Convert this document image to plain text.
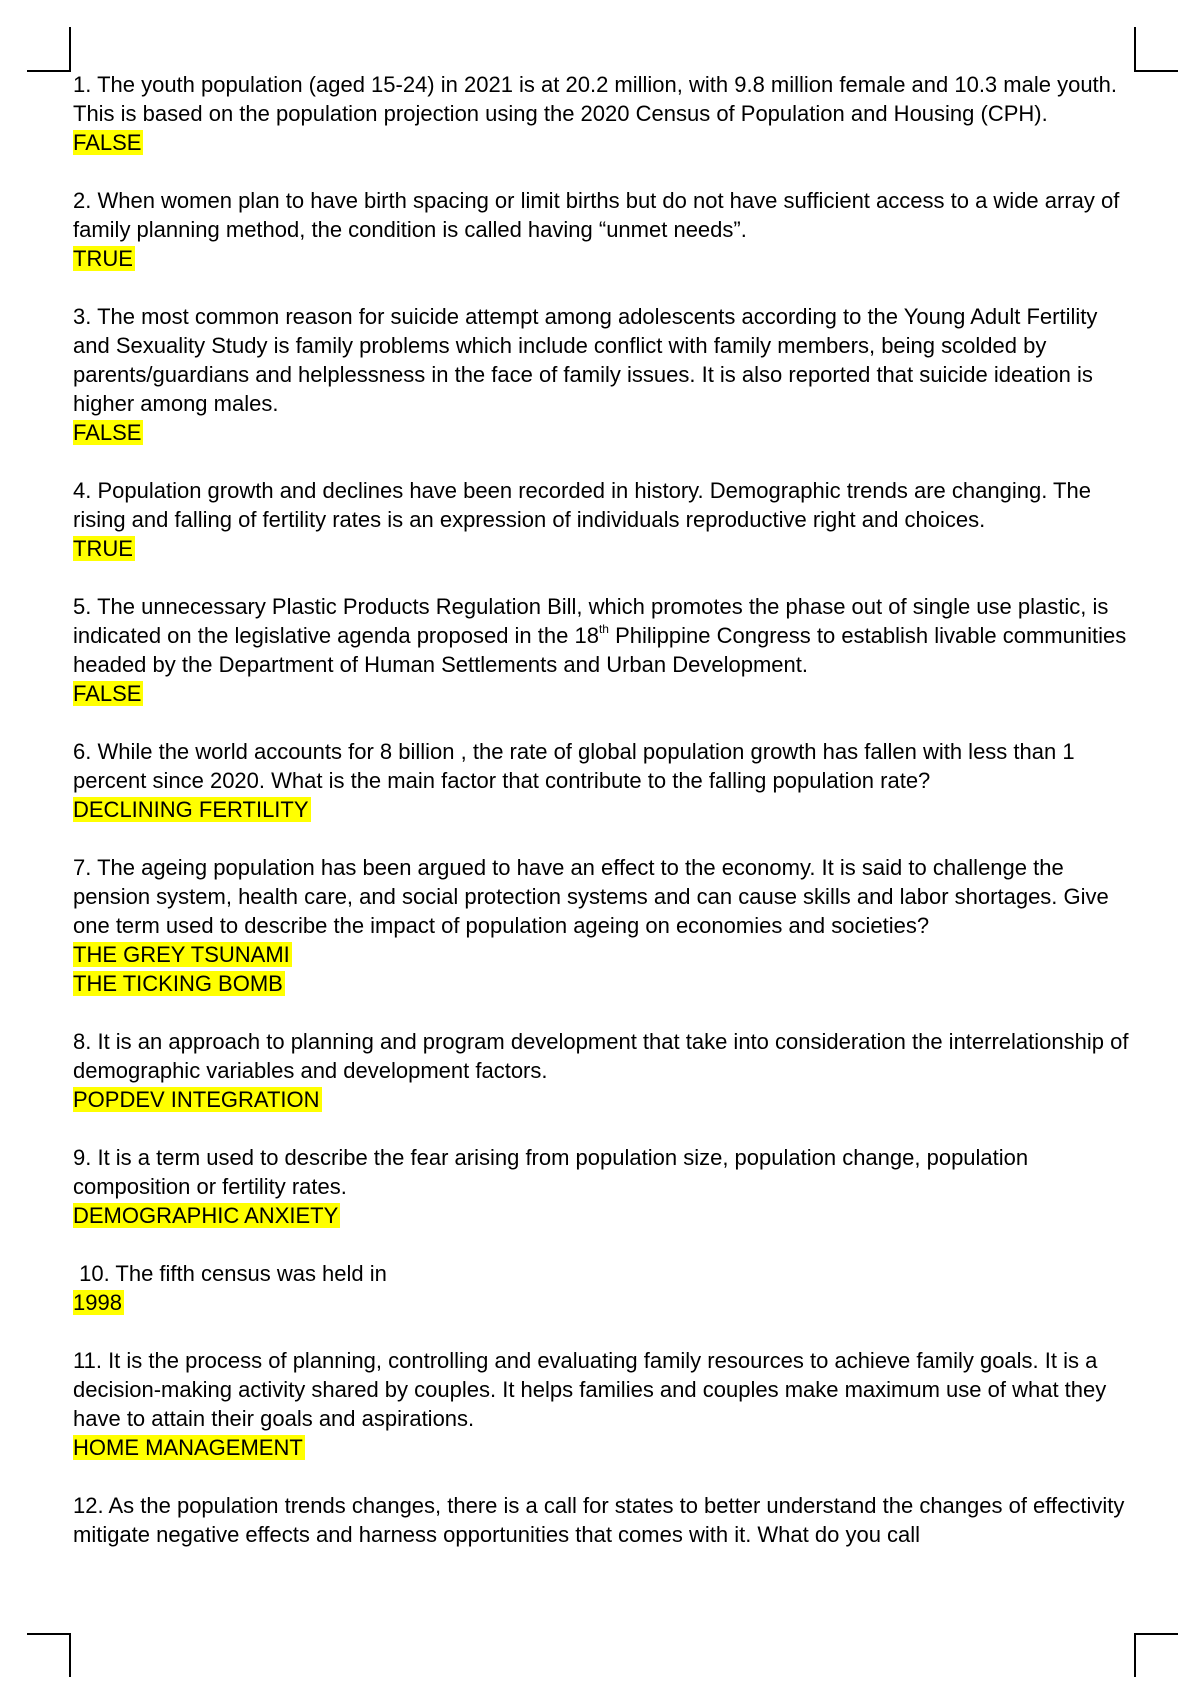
1. The youth population (aged 15-24) in 2021 is at 20.2 million, with 9.8 million female and 10.3 male youth. This is based on the population projection using the 2020 Census of Population and Housing (CPH).

FALSE

2. When women plan to have birth spacing or limit births but do not have sufficient access to a wide array of family planning method, the condition is called having “unmet needs”.

TRUE

3. The most common reason for suicide attempt among adolescents according to the Young Adult Fertility and Sexuality Study is family problems which include conflict with family members, being scolded by parents/guardians and helplessness in the face of family issues. It is also reported that suicide ideation is higher among males.

FALSE

4. Population growth and declines have been recorded in history. Demographic trends are changing. The rising and falling of fertility rates is an expression of individuals reproductive right and choices.

TRUE

5. The unnecessary Plastic Products Regulation Bill, which promotes the phase out of single use plastic, is indicated on the legislative agenda proposed in the 18th Philippine Congress to establish livable communities headed by the Department of Human Settlements and Urban Development.

FALSE

6. While the world accounts for 8 billion , the rate of global population growth has fallen with less than 1 percent since 2020. What is the main factor that contribute to the falling population rate?

DECLINING FERTILITY

7. The ageing population has been argued to have an effect to the economy. It is said to challenge the pension system, health care, and social protection systems and can cause skills and labor shortages. Give one term used to describe the impact of population ageing on economies and societies?

THE GREY TSUNAMI
THE TICKING BOMB

8. It is an approach to planning and program development that take into consideration the interrelationship of demographic variables and development factors.

POPDEV INTEGRATION

9. It is a term used to describe the fear arising from population size, population change, population composition or fertility rates.

DEMOGRAPHIC ANXIETY

10. The fifth census was held in

1998

11. It is the process of planning, controlling and evaluating family resources to achieve family goals. It is a decision-making activity shared by couples. It helps families and couples make maximum use of what they have to attain their goals and aspirations.

HOME MANAGEMENT

12. As the population trends changes, there is a call for states to better understand the changes of effectivity mitigate negative effects and harness opportunities that comes with it. What do you call
